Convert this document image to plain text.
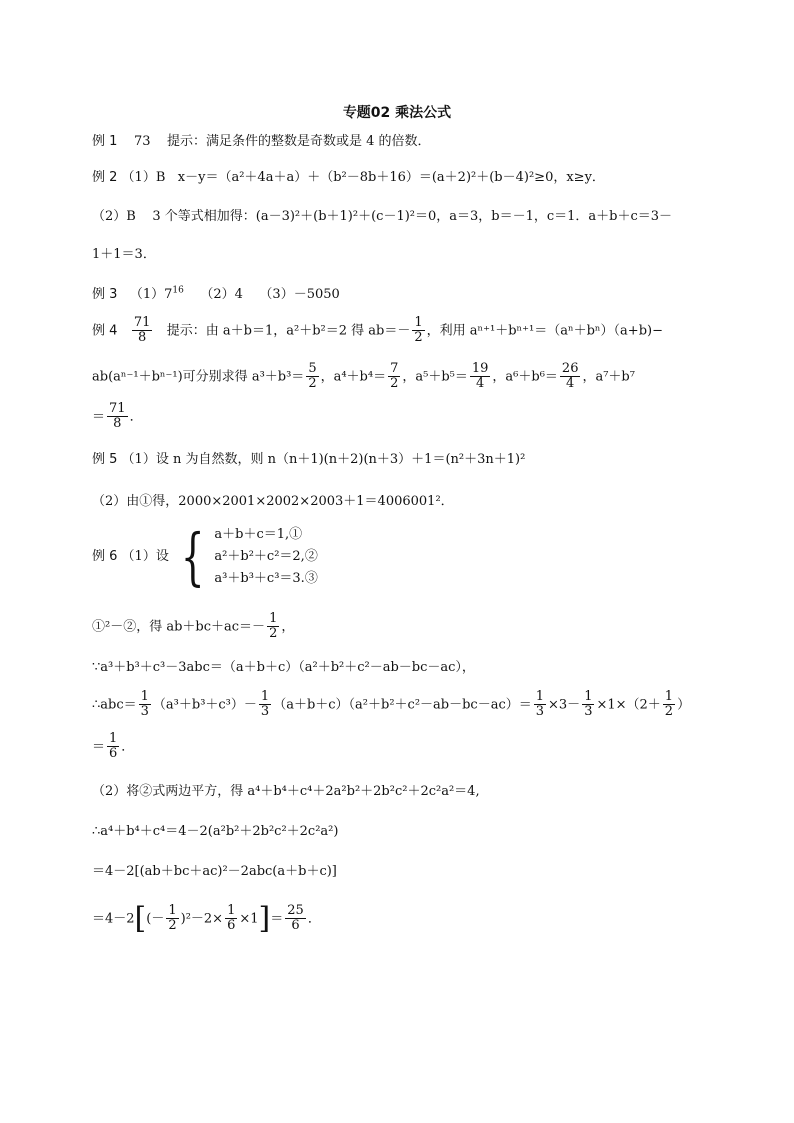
专题02 乘法公式
例 1 73 提示：满足条件的整数是奇数或是 4 的倍数．
例 2 （1）B x－y＝（a²＋4a＋a）＋（b²－8b＋16）＝(a＋2)²＋(b－4)²≥0，x≥y．
（2）B 3 个等式相加得：(a－3)²＋(b＋1)²＋(c－1)²＝0，a＝3，b＝－1，c＝1．a＋b＋c＝3－
1＋1＝3．
例 3 $(1)7^{16}$ （2）4 （3）－5050
例 $4 \frac{71}{8}$ 提示：由 a＋b＝1，a²＋b²＝2 得 $ab=- \frac{1}{2}$ ，利用 aⁿ⁺¹＋bⁿ⁺¹＝（aⁿ＋bⁿ）（a+b)−
ab(aⁿ⁻¹＋bⁿ⁻¹)可分别求得 $a^3+b^3= \frac{5}{2}$ ，$a^4+b^4= \frac{7}{2}$ ，$a^5+b^5= \frac{19}{4}$ ，$a^6+b^6= \frac{26}{4}$ ，a⁷＋b⁷
＝ $\frac{71}{8}$ ．
例 5 （1）设 n 为自然数，则 n（n＋1)(n＋2)(n＋3）＋1＝(n²＋3n＋1)²
（2）由①得，2000×2001×2002×2003＋1＝4006001²．
例 6 （1）设 { a＋b＋c＝1,①
a²＋b²＋c²＝2,②
a³＋b³＋c³＝3.③
①²－②，得 $ab+bc+ac=- \frac{1}{2}$ ，
∵a³＋b³＋c³－3abc＝（a＋b＋c）（a²＋b²＋c²－ab－bc－ac），
∴abc＝ $\frac{1}{3} (a^3+b^3+c^3)- \frac{1}{3} (a+b+c)(a^2+b^2+c^2-ab-bc-ac)= \frac{1}{3} \times 3- \frac{1}{3} \times 1\times(2+ \frac{1}{2}$ ）
＝ $\frac{1}{6}$ ．
（2）将②式两边平方，得 a⁴＋b⁴＋c⁴＋2a²b²＋2b²c²＋2c²a²＝4,
∴a⁴＋b⁴＋c⁴＝4－2(a²b²＋2b²c²＋2c²a²)
＝4－2[(ab＋bc＋ac)²－2abc(a＋b＋c)]
$=4-2[(- \frac{1}{2} )^2-2\times \frac{1}{6} \times 1]= \frac{25}{6}$ ．
